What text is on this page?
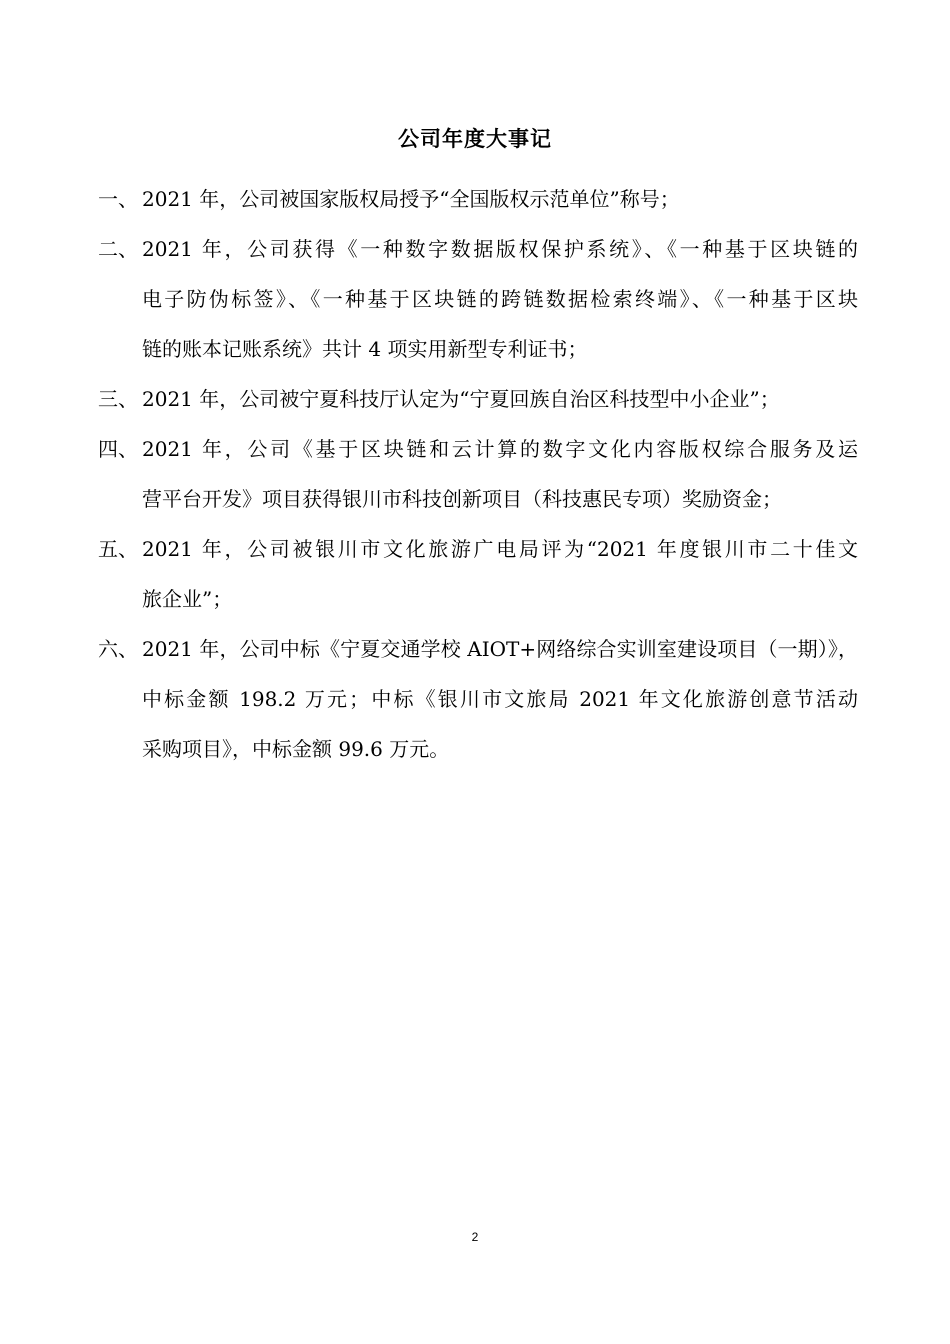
公司年度大事记
一、 2021 年，公司被国家版权局授予“全国版权示范单位”称号；
二、 2021 年，公司获得《一种数字数据版权保护系统》、《一种基于区块链的
电子防伪标签》、《一种基于区块链的跨链数据检索终端》、《一种基于区块
链的账本记账系统》共计 4 项实用新型专利证书；
三、 2021 年，公司被宁夏科技厅认定为“宁夏回族自治区科技型中小企业”；
四、 2021 年，公司《基于区块链和云计算的数字文化内容版权综合服务及运
营平台开发》项目获得银川市科技创新项目（科技惠民专项）奖励资金；
五、 2021 年，公司被银川市文化旅游广电局评为“2021 年度银川市二十佳文
旅企业”；
六、 2021 年，公司中标《宁夏交通学校 AIOT+网络综合实训室建设项目（一期）》，
中标金额 198.2 万元；中标《银川市文旅局 2021 年文化旅游创意节活动
采购项目》，中标金额 99.6 万元。
2
